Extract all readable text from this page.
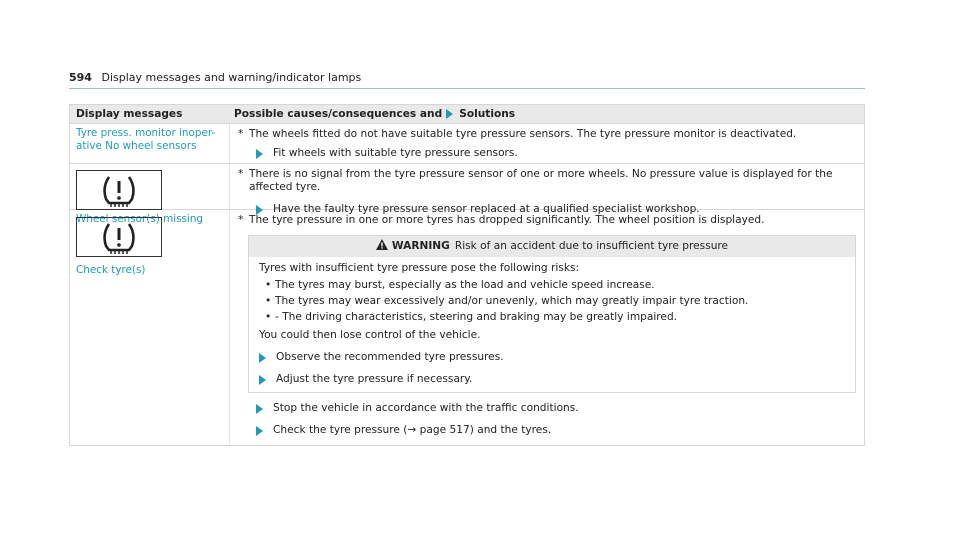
594 Display messages and warning/indicator lamps
Display messages	Possible causes/consequences and Solutions
Tyre press. monitor inoper-ative No wheel sensors
* The wheels fitted do not have suitable tyre pressure sensors. The tyre pressure monitor is deactivated.
Fit wheels with suitable tyre pressure sensors.
Wheel sensor(s) missing
* There is no signal from the tyre pressure sensor of one or more wheels. No pressure value is displayed for the affected tyre.
Have the faulty tyre pressure sensor replaced at a qualified specialist workshop.
Check tyre(s)
* The tyre pressure in one or more tyres has dropped significantly. The wheel position is displayed.
WARNING Risk of an accident due to insufficient tyre pressure

Tyres with insufficient tyre pressure pose the following risks:

• The tyres may burst, especially as the load and vehicle speed increase.
• The tyres may wear excessively and/or unevenly, which may greatly impair tyre traction.
• - The driving characteristics, steering and braking may be greatly impaired.

You could then lose control of the vehicle.

Observe the recommended tyre pressures.
Adjust the tyre pressure if necessary.
Stop the vehicle in accordance with the traffic conditions.
Check the tyre pressure (→ page 517) and the tyres.
